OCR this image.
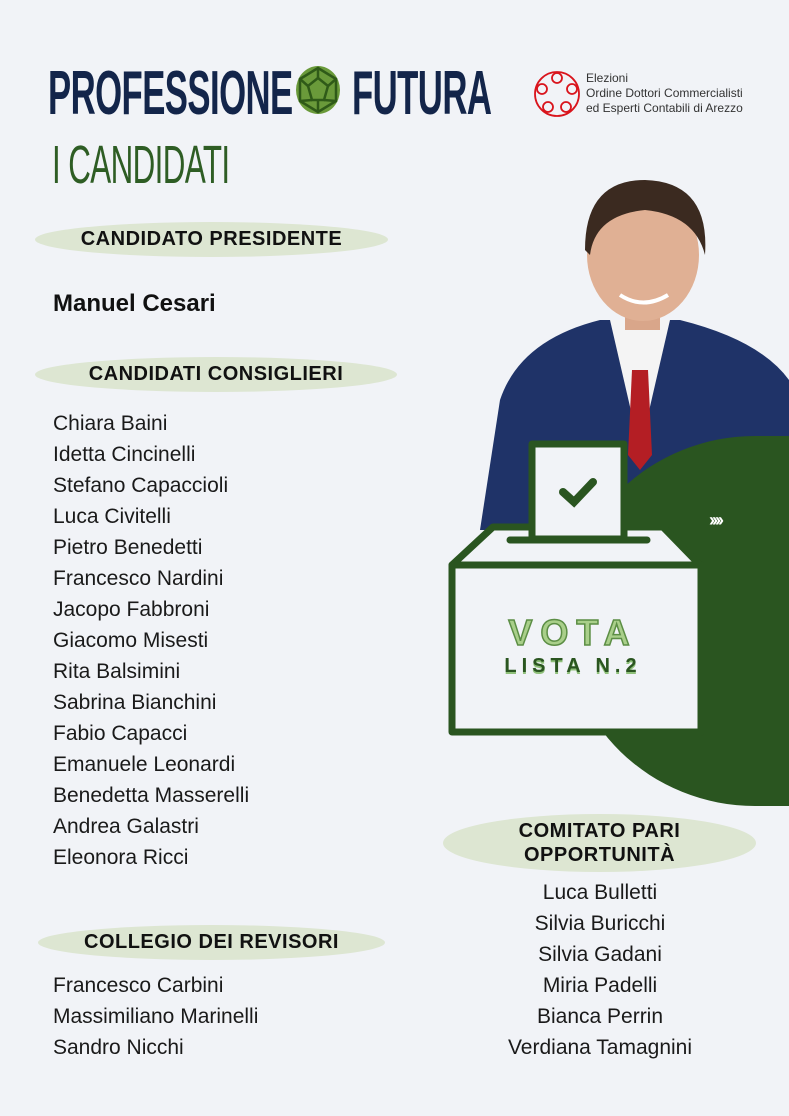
PROFESSIONE FUTURA
I CANDIDATI
Elezioni
Ordine Dottori Commercialisti
ed Esperti Contabili di Arezzo
CANDIDATO PRESIDENTE
Manuel Cesari
CANDIDATI CONSIGLIERI
Chiara Baini
Idetta Cincinelli
Stefano Capaccioli
Luca Civitelli
Pietro Benedetti
Francesco Nardini
Jacopo Fabbroni
Giacomo Misesti
Rita Balsimini
Sabrina Bianchini
Fabio Capacci
Emanuele Leonardi
Benedetta Masserelli
Andrea Galastri
Eleonora Ricci
COLLEGIO DEI REVISORI
Francesco Carbini
Massimiliano Marinelli
Sandro Nicchi
››››
VOTA
LISTA N.2
COMITATO PARI
OPPORTUNITÀ
Luca Bulletti
Silvia Buricchi
Silvia Gadani
Miria Padelli
Bianca Perrin
Verdiana Tamagnini
